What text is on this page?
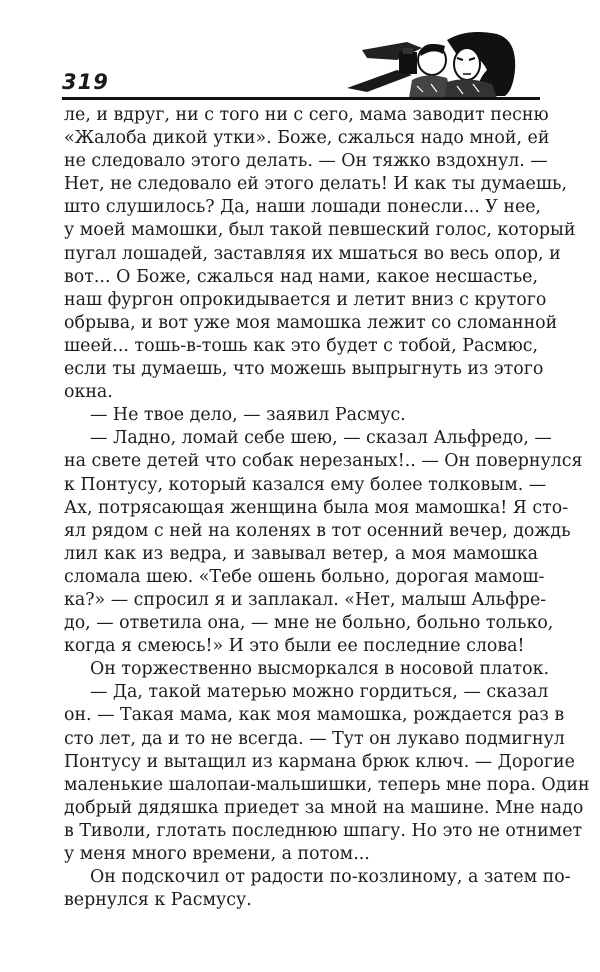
319
ле, и вдруг, ни с того ни с сего, мама заводит песню
«Жалоба дикой утки». Боже, сжалься надо мной, ей
не следовало этого делать. — Он тяжко вздохнул. —
Нет, не следовало ей этого делать! И как ты думаешь,
што слушилось? Да, наши лошади понесли... У нее,
у моей мамошки, был такой певшеский голос, который
пугал лошадей, заставляя их мшаться во весь опор, и
вот... О Боже, сжалься над нами, какое несшастье,
наш фургон опрокидывается и летит вниз с крутого
обрыва, и вот уже моя мамошка лежит со сломанной
шеей... тошь-в-тошь как это будет с тобой, Расмюс,
если ты думаешь, что можешь выпрыгнуть из этого
окна.
— Не твое дело, — заявил Расмус.
— Ладно, ломай себе шею, — сказал Альфредо, —
на свете детей что собак нерезаных!.. — Он повернулся
к Понтусу, который казался ему более толковым. —
Ах, потрясающая женщина была моя мамошка! Я сто-
ял рядом с ней на коленях в тот осенний вечер, дождь
лил как из ведра, и завывал ветер, а моя мамошка
сломала шею. «Тебе ошень больно, дорогая мамош-
ка?» — спросил я и заплакал. «Нет, малыш Альфре-
до, — ответила она, — мне не больно, больно только,
когда я смеюсь!» И это были ее последние слова!
Он торжественно высморкался в носовой платок.
— Да, такой матерью можно гордиться, — сказал
он. — Такая мама, как моя мамошка, рождается раз в
сто лет, да и то не всегда. — Тут он лукаво подмигнул
Понтусу и вытащил из кармана брюк ключ. — Дорогие
маленькие шалопаи-мальшишки, теперь мне пора. Один
добрый дядяшка приедет за мной на машине. Мне надо
в Тиволи, глотать последнюю шпагу. Но это не отнимет
у меня много времени, а потом...
Он подскочил от радости по-козлиному, а затем по-
вернулся к Расмусу.
